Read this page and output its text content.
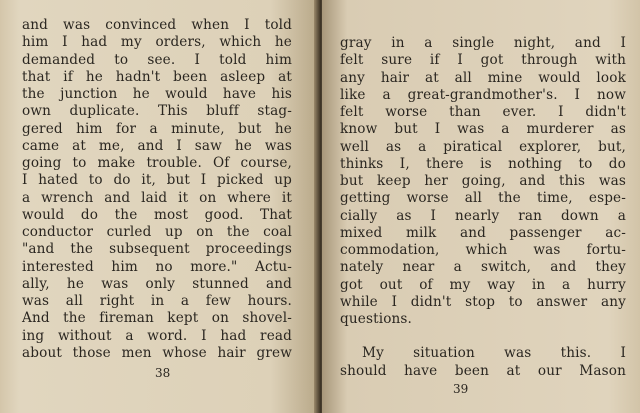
and was convinced when I told
him I had my orders, which he
demanded to see. I told him
that if he hadn't been asleep at
the junction he would have his
own duplicate. This bluff stag-
gered him for a minute, but he
came at me, and I saw he was
going to make trouble. Of course,
I hated to do it, but I picked up
a wrench and laid it on where it
would do the most good. That
conductor curled up on the coal
"and the subsequent proceedings
interested him no more." Actu-
ally, he was only stunned and
was all right in a few hours.
And the fireman kept on shovel-
ing without a word. I had read
about those men whose hair grew
38
gray in a single night, and I
felt sure if I got through with
any hair at all mine would look
like a great-grandmother's. I now
felt worse than ever. I didn't
know but I was a murderer as
well as a piratical explorer, but,
thinks I, there is nothing to do
but keep her going, and this was
getting worse all the time, espe-
cially as I nearly ran down a
mixed milk and passenger ac-
commodation, which was fortu-
nately near a switch, and they
got out of my way in a hurry
while I didn't stop to answer any
questions.
My situation was this. I
should have been at our Mason
39
